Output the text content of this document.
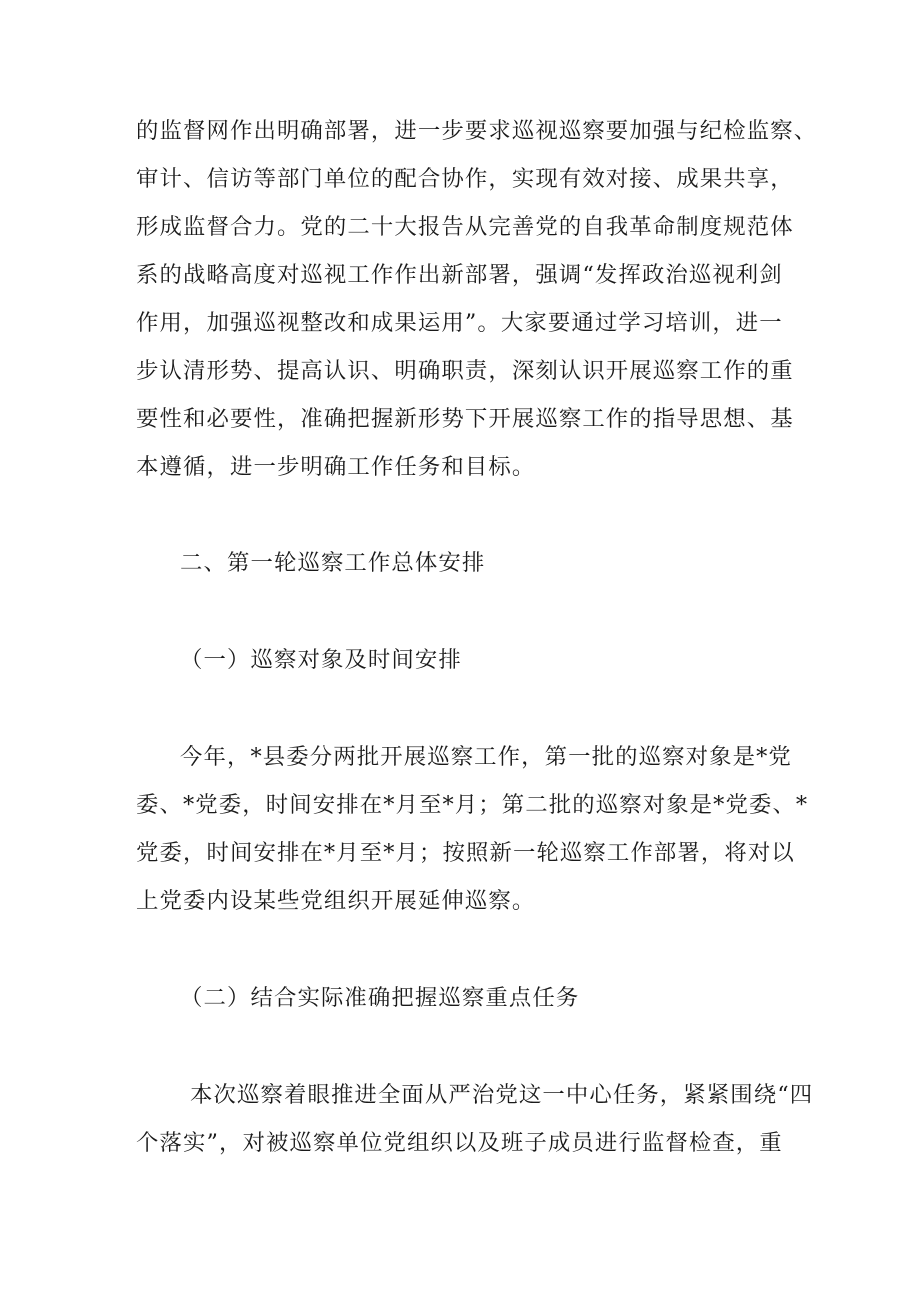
的监督网作出明确部署，进一步要求巡视巡察要加强与纪检监察、

审计、信访等部门单位的配合协作，实现有效对接、成果共享，

形成监督合力。党的二十大报告从完善党的自我革命制度规范体

系的战略高度对巡视工作作出新部署，强调“发挥政治巡视利剑

作用，加强巡视整改和成果运用”。大家要通过学习培训，进一

步认清形势、提高认识、明确职责，深刻认识开展巡察工作的重

要性和必要性，准确把握新形势下开展巡察工作的指导思想、基

本遵循，进一步明确工作任务和目标。

二、第一轮巡察工作总体安排

（一）巡察对象及时间安排

今年，*县委分两批开展巡察工作，第一批的巡察对象是*党

委、*党委，时间安排在*月至*月；第二批的巡察对象是*党委、*

党委，时间安排在*月至*月；按照新一轮巡察工作部署，将对以

上党委内设某些党组织开展延伸巡察。

（二）结合实际准确把握巡察重点任务

本次巡察着眼推进全面从严治党这一中心任务，紧紧围绕“四

个落实”，对被巡察单位党组织以及班子成员进行监督检查，重
